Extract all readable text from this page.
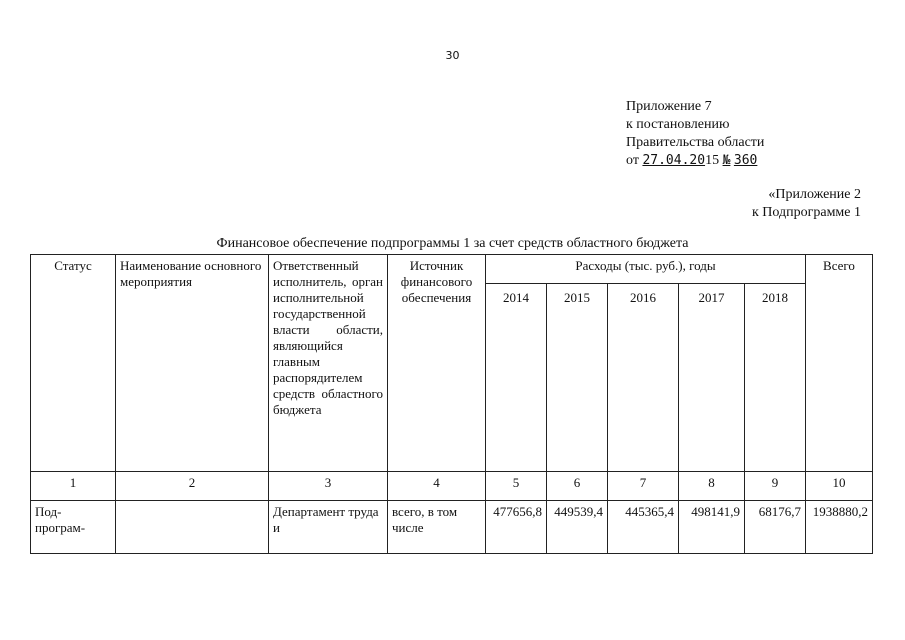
30
Приложение 7
к постановлению
Правительства области
от 27.04.2015 № 360
«Приложение 2
к Подпрограмме 1
Финансовое обеспечение подпрограммы 1 за счет средств областного бюджета
Статус	Наименование основного мероприятия	Ответственный исполнитель, орган исполнительной государственной власти области, являющийся главным распорядителем средств областного бюджета	Источник финансового обеспечения	Расходы (тыс. руб.), годы					Всего
				2014	2015	2016	2017	2018	
1	2	3	4	5	6	7	8	9	10
Под-програм-		Департамент труда и	всего, в том числе	477656,8	449539,4	445365,4	498141,9	68176,7	1938880,2
